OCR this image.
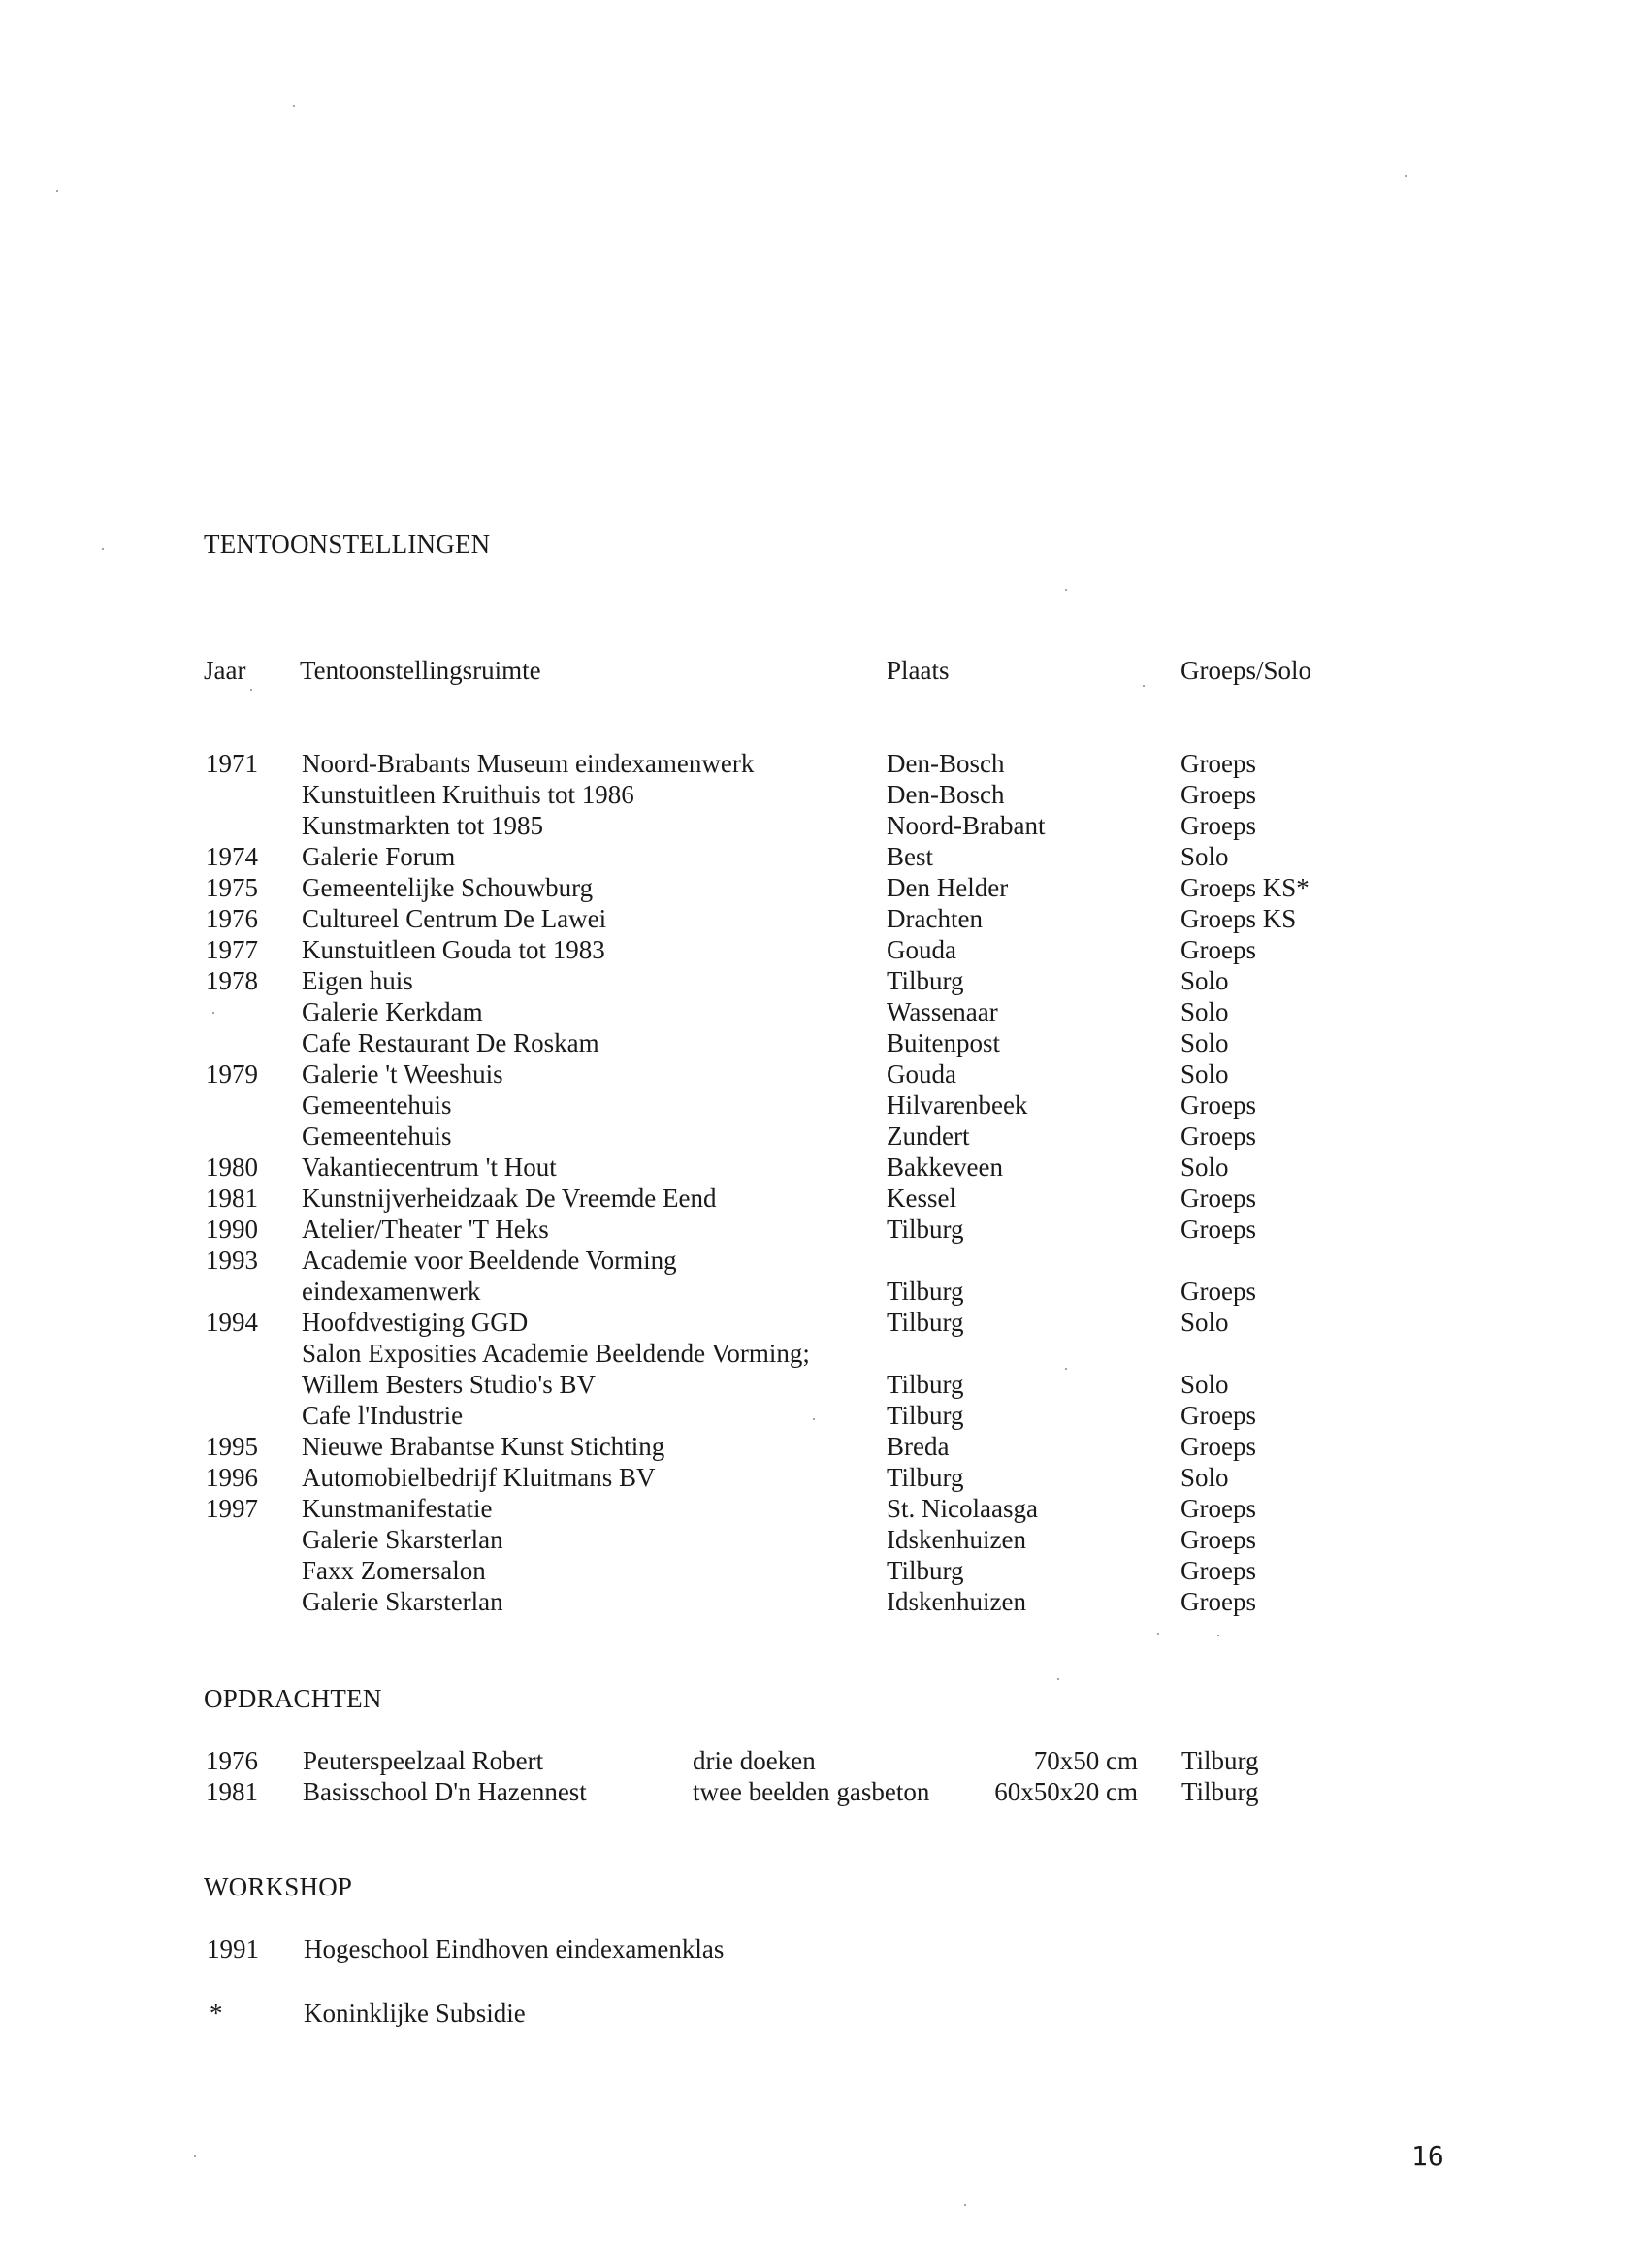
TENTOONSTELLINGEN
Jaar Tentoonstellingsruimte	Plaats	Groeps/Solo
1971 Noord-Brabants Museum eindexamenwerk	Den-Bosch	Groeps
Kunstuitleen Kruithuis tot 1986	Den-Bosch	Groeps
Kunstmarkten tot 1985	Noord-Brabant	Groeps
1974 Galerie Forum	Best	Solo
1975 Gemeentelijke Schouwburg	Den Helder	Groeps KS*
1976 Cultureel Centrum De Lawei	Drachten	Groeps KS
1977 Kunstuitleen Gouda tot 1983	Gouda	Groeps
1978 Eigen huis	Tilburg	Solo
Galerie Kerkdam	Wassenaar	Solo
Cafe Restaurant De Roskam	Buitenpost	Solo
1979 Galerie 't Weeshuis	Gouda	Solo
Gemeentehuis	Hilvarenbeek	Groeps
Gemeentehuis	Zundert	Groeps
1980 Vakantiecentrum 't Hout	Bakkeveen	Solo
1981 Kunstnijverheidzaak De Vreemde Eend	Kessel	Groeps
1990 Atelier/Theater 'T Heks	Tilburg	Groeps
1993 Academie voor Beeldende Vorming
eindexamenwerk	Tilburg	Groeps
1994 Hoofdvestiging GGD	Tilburg	Solo
Salon Exposities Academie Beeldende Vorming;
Willem Besters Studio's BV	Tilburg	Solo
Cafe l'Industrie	Tilburg	Groeps
1995 Nieuwe Brabantse Kunst Stichting	Breda	Groeps
1996 Automobielbedrijf Kluitmans BV	Tilburg	Solo
1997 Kunstmanifestatie	St. Nicolaasga	Groeps
Galerie Skarsterlan	Idskenhuizen	Groeps
Faxx Zomersalon	Tilburg	Groeps
Galerie Skarsterlan	Idskenhuizen	Groeps
OPDRACHTEN
1976 Peuterspeelzaal Robert	drie doeken	70x50 cm Tilburg
1981 Basisschool D'n Hazennest	twee beelden gasbeton 60x50x20 cm Tilburg
WORKSHOP
1991 Hogeschool Eindhoven eindexamenklas
*	Koninklijke Subsidie
16
